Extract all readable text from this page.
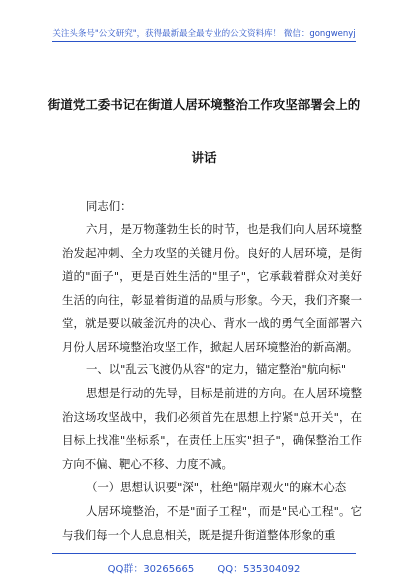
关注头条号"公文研究"，获得最新最全最专业的公文资料库！ 微信：gongwenyj
街道党工委书记在街道人居环境整治工作攻坚部署会上的
讲话
同志们：
六月，是万物蓬勃生长的时节，也是我们向人居环境整治发起冲刺、全力攻坚的关键月份。良好的人居环境，是街道的"面子"，更是百姓生活的"里子"，它承载着群众对美好生活的向往，彰显着街道的品质与形象。今天，我们齐聚一堂，就是要以破釜沉舟的决心、背水一战的勇气全面部署六月份人居环境整治攻坚工作，掀起人居环境整治的新高潮。
一、以"乱云飞渡仍从容"的定力，锚定整治"航向标"
思想是行动的先导，目标是前进的方向。在人居环境整治这场攻坚战中，我们必须首先在思想上拧紧"总开关"，在目标上找准"坐标系"，在责任上压实"担子"，确保整治工作方向不偏、靶心不移、力度不减。
（一）思想认识要"深"，杜绝"隔岸观火"的麻木心态
人居环境整治，不是"面子工程"，而是"民心工程"。它与我们每一个人息息相关，既是提升街道整体形象的重
QQ群：30265665 QQ：535304092
